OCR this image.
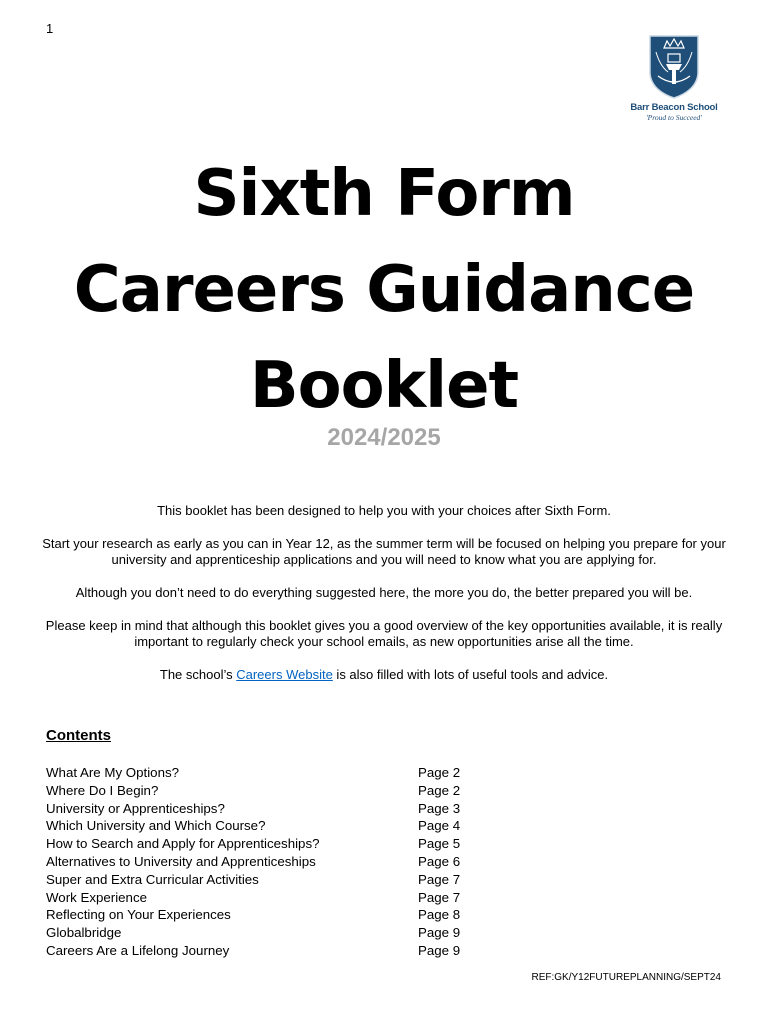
1
Barr Beacon School
'Proud to Succeed'
Sixth Form
Careers Guidance
Booklet
2024/2025

This booklet has been designed to help you with your choices after Sixth Form.

Start your research as early as you can in Year 12, as the summer term will be focused on helping you prepare for your university and apprenticeship applications and you will need to know what you are applying for.

Although you don’t need to do everything suggested here, the more you do, the better prepared you will be.

Please keep in mind that although this booklet gives you a good overview of the key opportunities available, it is really important to regularly check your school emails, as new opportunities arise all the time.

The school’s Careers Website is also filled with lots of useful tools and advice.

Contents
What Are My Options?	Page 2
Where Do I Begin?	Page 2
University or Apprenticeships?	Page 3
Which University and Which Course?	Page 4
How to Search and Apply for Apprenticeships?	Page 5
Alternatives to University and Apprenticeships	Page 6
Super and Extra Curricular Activities	Page 7
Work Experience	Page 7
Reflecting on Your Experiences	Page 8
Globalbridge	Page 9
Careers Are a Lifelong Journey	Page 9
REF:GK/Y12FUTUREPLANNING/SEPT24
